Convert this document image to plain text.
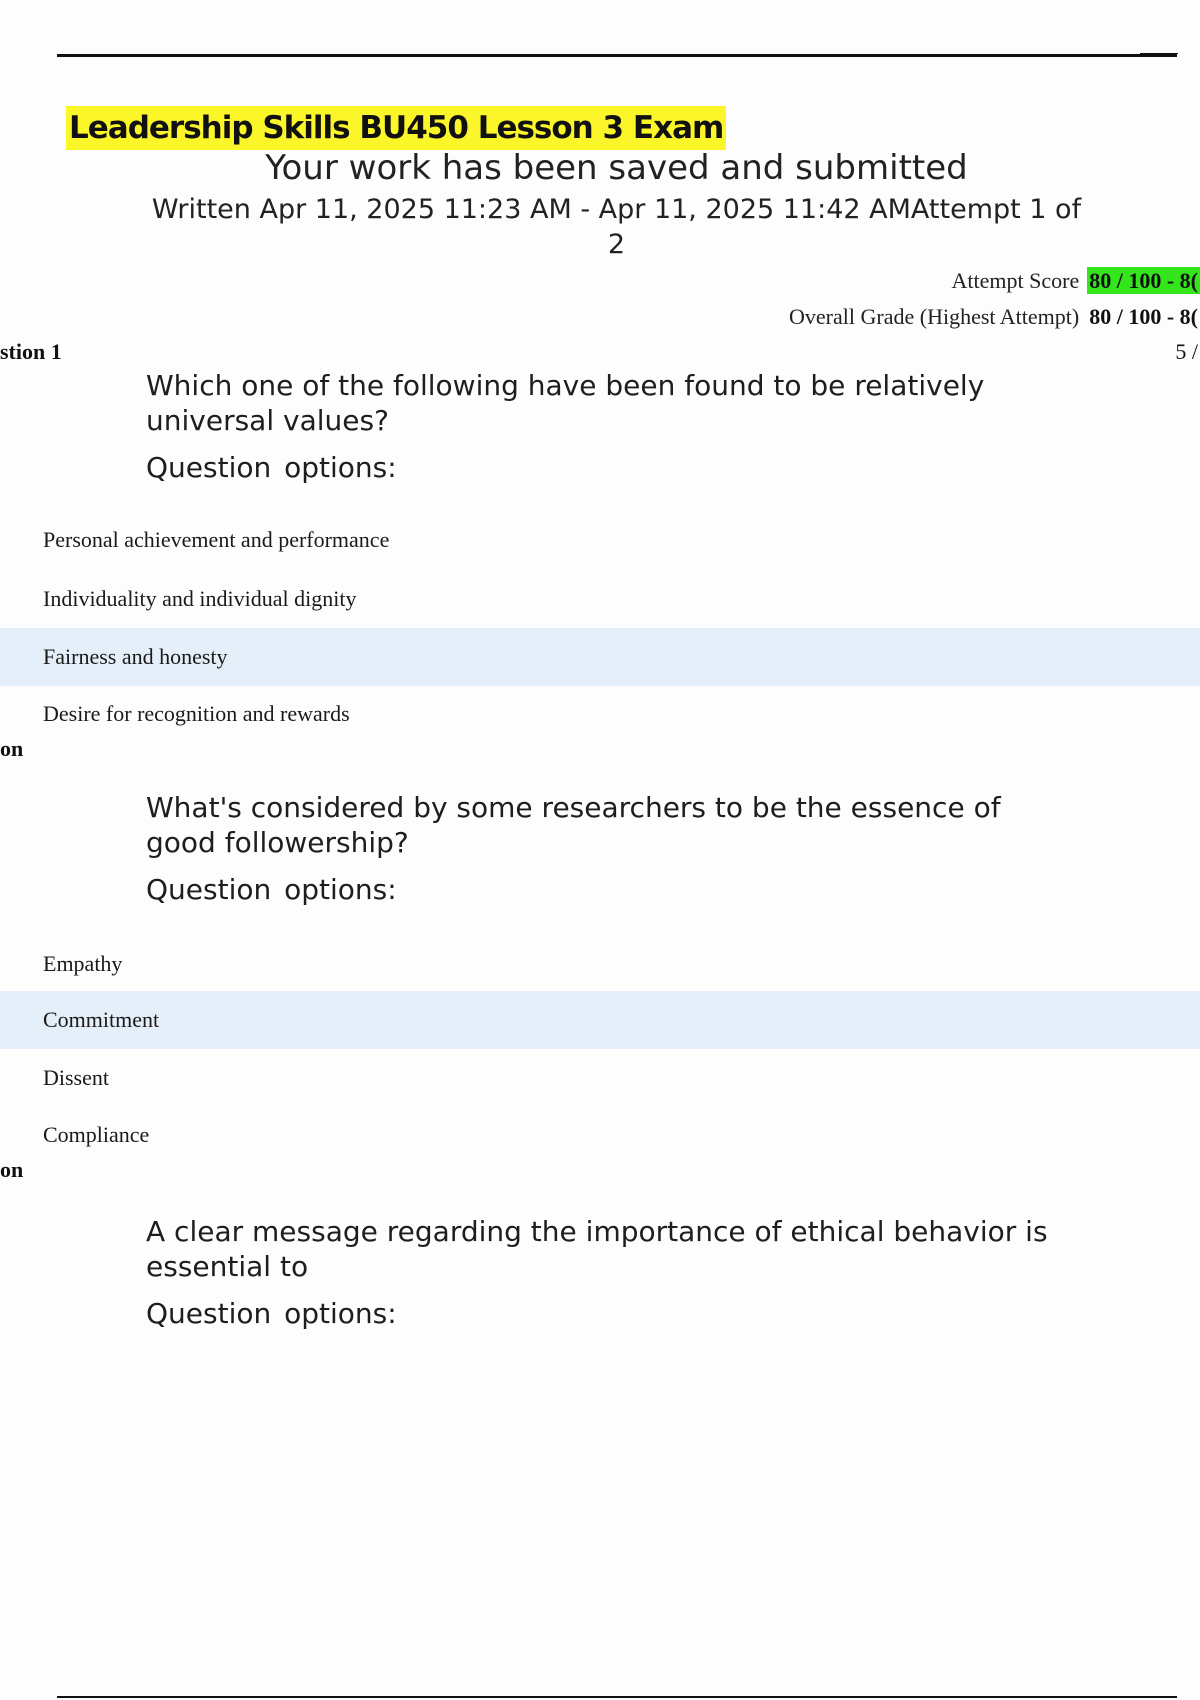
Leadership Skills BU450 Lesson 3 Exam
Your work has been saved and submitted
Written Apr 11, 2025 11:23 AM - Apr 11, 2025 11:42 AMAttempt 1 of
2
Attempt Score 80 / 100 - 8(
Overall Grade (Highest Attempt) 80 / 100 - 8(
stion 1	5 /
Which one of the following have been found to be relatively universal values?
Question options:
Personal achievement and performance
Individuality and individual dignity
Fairness and honesty
Desire for recognition and rewards
on
What's considered by some researchers to be the essence of good followership?
Question options:
Empathy
Commitment
Dissent
Compliance
on
A clear message regarding the importance of ethical behavior is essential to
Question options:
